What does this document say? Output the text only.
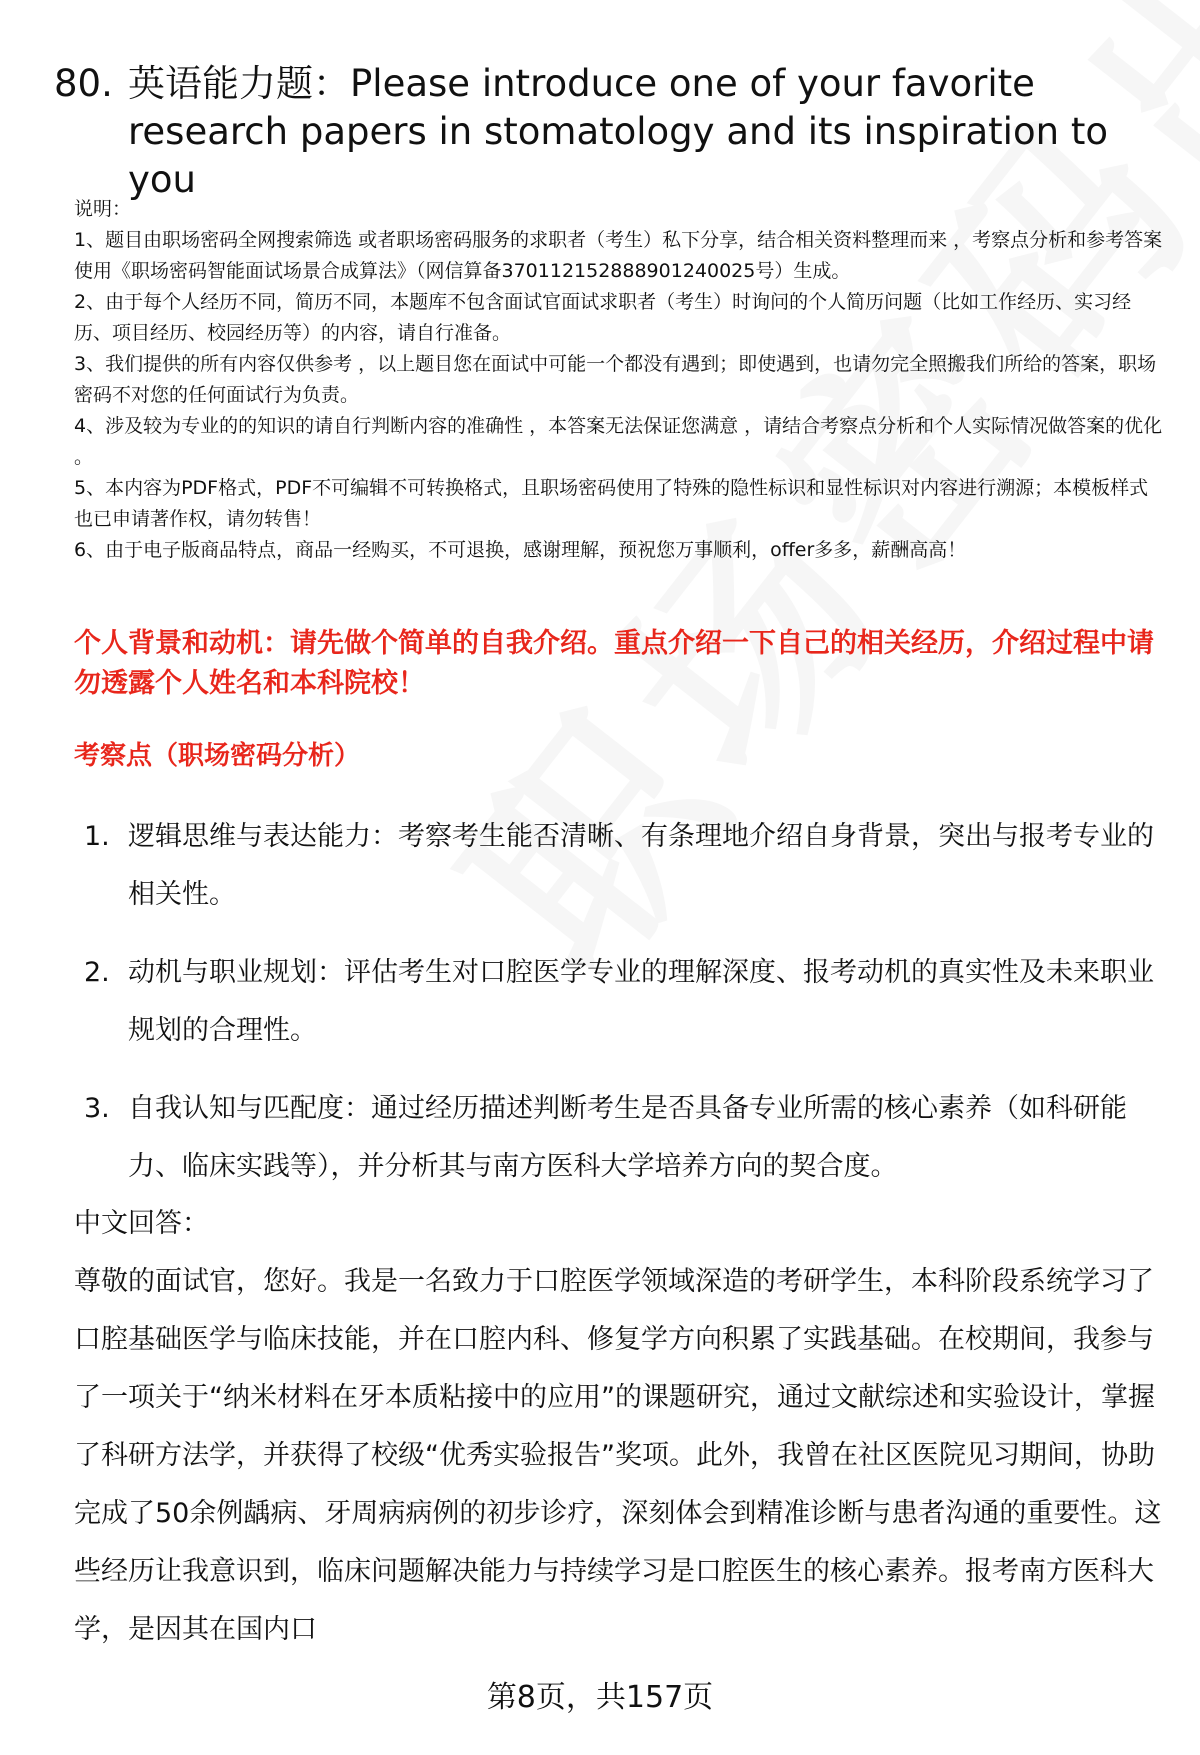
80. 英语能力题：Please introduce one of your favorite research papers in stomatology and its inspiration to you

说明：

1、题目由职场密码全网搜索筛选 或者职场密码服务的求职者（考生）私下分享，结合相关资料整理而来 ，考察点分析和参考答案使用《职场密码智能面试场景合成算法》（网信算备370112152888901240025号）生成。

2、由于每个人经历不同，简历不同，本题库不包含面试官面试求职者（考生）时询问的个人简历问题（比如工作经历、实习经历、项目经历、校园经历等）的内容，请自行准备。

3、我们提供的所有内容仅供参考 ，以上题目您在面试中可能一个都没有遇到；即使遇到，也请勿完全照搬我们所给的答案，职场密码不对您的任何面试行为负责。

4、涉及较为专业的的知识的请自行判断内容的准确性 ，本答案无法保证您满意 ，请结合考察点分析和个人实际情况做答案的优化 。

5、本内容为PDF格式，PDF不可编辑不可转换格式，且职场密码使用了特殊的隐性标识和显性标识对内容进行溯源；本模板样式也已申请著作权，请勿转售！

6、由于电子版商品特点，商品一经购买，不可退换，感谢理解，预祝您万事顺利，offer多多，薪酬高高！

个人背景和动机：请先做个简单的自我介绍。重点介绍一下自己的相关经历，介绍过程中请勿透露个人姓名和本科院校！

考察点（职场密码分析）

1. 逻辑思维与表达能力：考察考生能否清晰、有条理地介绍自身背景，突出与报考专业的相关性。
2. 动机与职业规划：评估考生对口腔医学专业的理解深度、报考动机的真实性及未来职业规划的合理性。
3. 自我认知与匹配度：通过经历描述判断考生是否具备专业所需的核心素养（如科研能力、临床实践等），并分析其与南方医科大学培养方向的契合度。

中文回答：

尊敬的面试官，您好。我是一名致力于口腔医学领域深造的考研学生，本科阶段系统学习了口腔基础医学与临床技能，并在口腔内科、修复学方向积累了实践基础。在校期间，我参与了一项关于“纳米材料在牙本质粘接中的应用”的课题研究，通过文献综述和实验设计，掌握了科研方法学，并获得了校级“优秀实验报告”奖项。此外，我曾在社区医院见习期间，协助完成了50余例龋病、牙周病病例的初步诊疗，深刻体会到精准诊断与患者沟通的重要性。这些经历让我意识到，临床问题解决能力与持续学习是口腔医生的核心素养。报考南方医科大学，是因其在国内口

第8页，共157页
